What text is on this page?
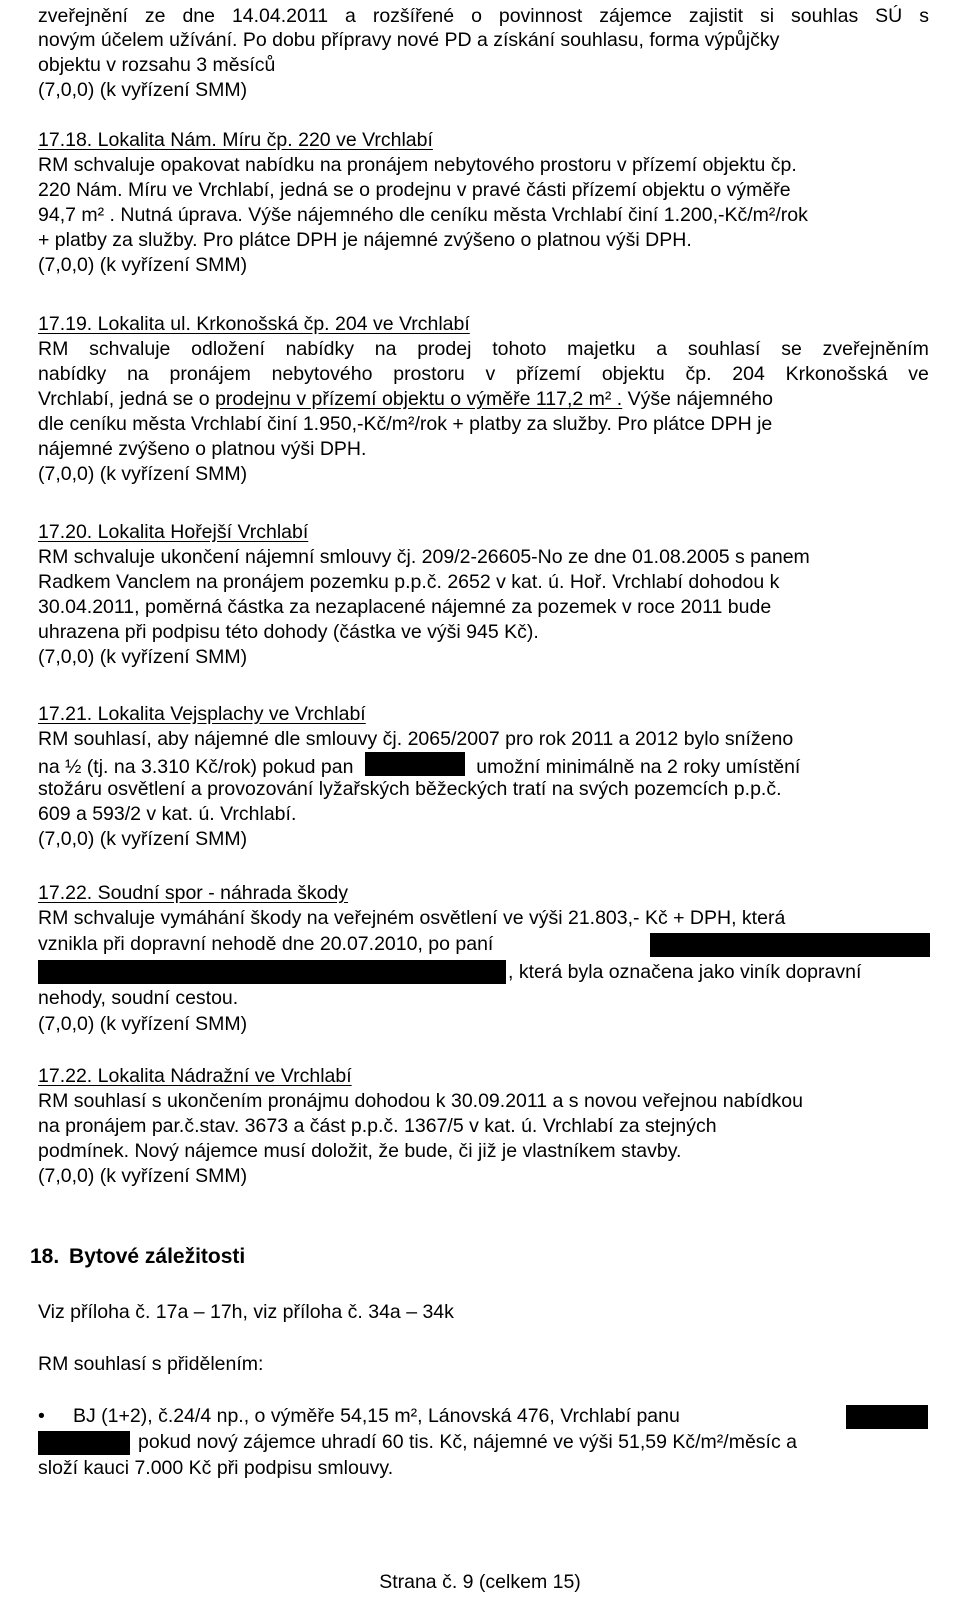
zveřejnění ze dne 14.04.2011 a rozšířené o povinnost zájemce zajistit si souhlas SÚ s
novým účelem užívání. Po dobu přípravy nové PD a získání souhlasu, forma výpůjčky
objektu v rozsahu 3 měsíců
(7,0,0) (k vyřízení SMM)
17.18. Lokalita Nám. Míru čp. 220 ve Vrchlabí
RM schvaluje opakovat nabídku na pronájem nebytového prostoru v přízemí objektu čp.
220 Nám. Míru ve Vrchlabí, jedná se o prodejnu v pravé části přízemí objektu o výměře
94,7 m² . Nutná úprava. Výše nájemného dle ceníku města Vrchlabí činí 1.200,-Kč/m²/rok
+ platby za služby. Pro plátce DPH je nájemné zvýšeno o platnou výši DPH.
(7,0,0) (k vyřízení SMM)
17.19. Lokalita ul. Krkonošská čp. 204 ve Vrchlabí
RM schvaluje odložení nabídky na prodej tohoto majetku a souhlasí se zveřejněním
nabídky na pronájem nebytového prostoru v přízemí objektu čp. 204 Krkonošská ve
Vrchlabí, jedná se o prodejnu v přízemí objektu o výměře 117,2 m² . Výše nájemného
dle ceníku města Vrchlabí činí 1.950,-Kč/m²/rok + platby za služby. Pro plátce DPH je
nájemné zvýšeno o platnou výši DPH.
(7,0,0) (k vyřízení SMM)
17.20. Lokalita Hořejší Vrchlabí
RM schvaluje ukončení nájemní smlouvy čj. 209/2-26605-No ze dne 01.08.2005 s panem
Radkem Vanclem na pronájem pozemku p.p.č. 2652 v kat. ú. Hoř. Vrchlabí dohodou k
30.04.2011, poměrná částka za nezaplacené nájemné za pozemek v roce 2011 bude
uhrazena při podpisu této dohody (částka ve výši 945 Kč).
(7,0,0) (k vyřízení SMM)
17.21. Lokalita Vejsplachy ve Vrchlabí
RM souhlasí, aby nájemné dle smlouvy čj. 2065/2007 pro rok 2011 a 2012 bylo sníženo
na ½ (tj. na 3.310 Kč/rok) pokud pan	umožní minimálně na 2 roky umístění
stožáru osvětlení a provozování lyžařských běžeckých tratí na svých pozemcích p.p.č.
609 a 593/2 v kat. ú. Vrchlabí.
(7,0,0) (k vyřízení SMM)
17.22. Soudní spor - náhrada škody
RM schvaluje vymáhání škody na veřejném osvětlení ve výši 21.803,- Kč + DPH, která
vznikla při dopravní nehodě dne 20.07.2010, po paní
, která byla označena jako viník dopravní
nehody, soudní cestou.
(7,0,0) (k vyřízení SMM)
17.22. Lokalita Nádražní ve Vrchlabí
RM souhlasí s ukončením pronájmu dohodou k 30.09.2011 a s novou veřejnou nabídkou
na pronájem par.č.stav. 3673 a část p.p.č. 1367/5 v kat. ú. Vrchlabí za stejných
podmínek. Nový nájemce musí doložit, že bude, či již je vlastníkem stavby.
(7,0,0) (k vyřízení SMM)
18. Bytové záležitosti
Viz příloha č. 17a – 17h, viz příloha č. 34a – 34k
RM souhlasí s přidělením:
• BJ (1+2), č.24/4 np., o výměře 54,15 m², Lánovská 476, Vrchlabí panu
pokud nový zájemce uhradí 60 tis. Kč, nájemné ve výši 51,59 Kč/m²/měsíc a
složí kauci 7.000 Kč při podpisu smlouvy.
Strana č. 9 (celkem 15)
